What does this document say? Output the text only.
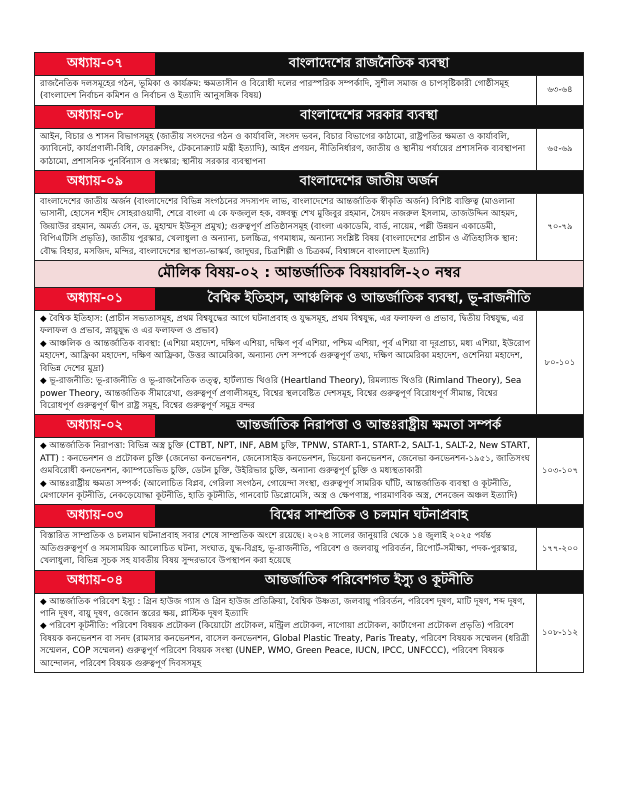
অধ্যায়-০৭	বাংলাদেশের রাজনৈতিক ব্যবস্থা
রাজনৈতিক দলসমূহের গঠন, ভূমিকা ও কার্যক্রম: ক্ষমতাসীন ও বিরোধী দলের পারস্পরিক সম্পর্কাদি, সুশীল সমাজ ও চাপসৃষ্টিকারী গোষ্ঠীসমূহ (বাংলাদেশ নির্বাচন কমিশন ও নির্বাচন ও ইত্যাদি আনুসঙ্গিক বিষয়)
৬৩-৬৪
অধ্যায়-০৮	বাংলাদেশের সরকার ব্যবস্থা
আইন, বিচার ও শাসন বিভাগসমূহ (জাতীয় সংসদের গঠন ও কার্যাবলি, সংসদ ভবন, বিচার বিভাগের কাঠামো, রাষ্ট্রপতির ক্ষমতা ও কার্যাবলি, ক্যাবিনেট, কার্যপ্রণালী-বিধি, ফোরক্রসিং, টেকনোক্র্যাট মন্ত্রী ইত্যাদি), আইন প্রণয়ন, নীতিনির্ধারণ, জাতীয় ও স্থানীয় পর্যায়ের প্রশাসনিক ব্যবস্থাপনা কাঠামো, প্রশাসনিক পুনর্বিন্যাস ও সংস্কার; স্থানীয় সরকার ব্যবস্থাপনা
৬৫-৬৯
অধ্যায়-০৯	বাংলাদেশের জাতীয় অর্জন
বাংলাদেশের জাতীয় অর্জন (বাংলাদেশের বিভিন্ন সংগঠনের সদস্যপদ লাভ, বাংলাদেশের আন্তর্জাতিক স্বীকৃতি অর্জন) বিশিষ্ট ব্যক্তিত্ব (মাওলানা ভাসানী, হোসেন শহীদ সোহরাওয়ার্দী, শেরে বাংলা এ কে ফজলুল হক, বঙ্গবন্ধু শেখ মুজিবুর রহমান, সৈয়দ নজরুল ইসলাম, তাজউদ্দিন আহমদ, জিয়াউর রহমান, অমর্ত্য সেন, ড. মুহাম্মদ ইউনূস প্রমুখ); গুরুত্বপূর্ণ প্রতিষ্ঠানসমূহ (বাংলা একাডেমি, বার্ড, নায়েম, পল্লী উন্নয়ন একাডেমী, বিপিএটিসি প্রভৃতি), জাতীয় পুরস্কার, খেলাধুলা ও অন্যান্য, চলচ্চিত্র, গণমাধ্যম, অন্যান্য সংশ্লিষ্ট বিষয় (বাংলাদেশের প্রাচীন ও ঐতিহাসিক স্থান: বৌদ্ধ বিহার, মসজিদ, মন্দির, বাংলাদেশের স্থাপত্য-ভাস্কর্য, জাদুঘর, চিত্রশিল্পী ও চিত্রকর্ম, বিশ্বাঙ্গনে বাংলাদেশ ইত্যাদি)
৭০-৭৯
মৌলিক বিষয়-০২ : আন্তর্জাতিক বিষয়াবলি-২০ নম্বর
অধ্যায়-০১	বৈশ্বিক ইতিহাস, আঞ্চলিক ও আন্তর্জাতিক ব্যবস্থা, ভূ-রাজনীতি
◆ বৈশ্বিক ইতিহাস: (প্রাচীন সভ্যতাসমূহ, প্রথম বিশ্বযুদ্ধের আগে ঘটনাপ্রবাহ ও যুদ্ধসমূহ, প্রথম বিশ্বযুদ্ধ, এর ফলাফল ও প্রভাব, দ্বিতীয় বিশ্বযুদ্ধ, এর ফলাফল ও প্রভাব, স্নায়ুযুদ্ধ ও এর ফলাফল ও প্রভাব)
◆ আঞ্চলিক ও আন্তর্জাতিক ব্যবস্থা: (এশিয়া মহাদেশ, দক্ষিণ এশিয়া, দক্ষিণ পূর্ব এশিয়া, পশ্চিম এশিয়া, পূর্ব এশিয়া বা দূরপ্রাচ্য, মধ্য এশিয়া, ইউরোপ মহাদেশ, আফ্রিকা মহাদেশ, দক্ষিণ আফ্রিকা, উত্তর আমেরিকা, অন্যান্য দেশ সম্পর্কে গুরুত্বপূর্ণ তথ্য, দক্ষিণ আমেরিকা মহাদেশ, ওশেনিয়া মহাদেশ, বিভিন্ন দেশের মুদ্রা)
◆ ভূ-রাজনীতি: ভূ-রাজনীতি ও ভূ-রাজনৈতিক তত্ত্ব, হার্টল্যান্ড থিওরি (Heartland Theory), রিমল্যান্ড থিওরি (Rimland Theory), Sea power Theory, আন্তর্জাতিক সীমারেখা, গুরুত্বপূর্ণ প্রণালীসমূহ, বিশ্বের স্থলবেষ্টিত দেশসমূহ, বিশ্বের গুরুত্বপূর্ণ বিরোধপূর্ণ সীমান্ত, বিশ্বের বিরোধপূর্ণ গুরুত্বপূর্ণ দ্বীপ রাষ্ট্র সমূহ, বিশ্বের গুরুত্বপূর্ণ সমুদ্র বন্দর
৮০-১০১
অধ্যায়-০২	আন্তর্জাতিক নিরাপত্তা ও আন্তঃরাষ্ট্রীয় ক্ষমতা সম্পর্ক
◆ আন্তর্জাতিক নিরাপত্তা: বিভিন্ন অস্ত্র চুক্তি (CTBT, NPT, INF, ABM চুক্তি, TPNW, START-1, START-2, SALT-1, SALT-2, New START, ATT) : কনভেনশন ও প্রটোকল চুক্তি (জেনেভা কনভেনশন, জেনোসাইড কনভেনশন, ভিয়েনা কনভেনশন, জেনেভা কনভেনশন-১৯৫১, জাতিসংঘ গুমবিরোধী কনভেনশন, ক্যাম্পডেভিড চুক্তি, ডেটন চুক্তি, উইরিভার চুক্তি, অন্যান্য গুরুত্বপূর্ণ চুক্তি ও মধ্যস্থতাকারী
◆ আন্তঃরাষ্ট্রীয় ক্ষমতা সম্পর্ক: (আলোচিত বিপ্লব, গেরিলা সংগঠন, গোয়েন্দা সংস্থা, গুরুত্বপূর্ণ সামরিক ঘাঁটি, আন্তর্জাতিক ব্যবস্থা ও কূটনীতি, মেগাফোন কূটনীতি, নেকড়েযোদ্ধা কূটনীতি, হাতি কূটনীতি, গানবোট ডিপ্লোমেসি, অস্ত্র ও ক্ষেপণাস্ত্র, পারমাণবিক অস্ত্র, শেনজেন অঞ্চল ইত্যাদি)
১০৩-১০৭
অধ্যায়-০৩	বিশ্বের সাম্প্রতিক ও চলমান ঘটনাপ্রবাহ
বিস্তারিত সাম্প্রতিক ও চলমান ঘটনাপ্রবাহ সবার শেষে সাম্প্রতিক অংশে রয়েছে। ২০২৪ সালের জানুয়ারি থেকে ১৪ জুলাই ২০২৫ পর্যন্ত অতিগুরুত্বপূর্ণ ও সমসাময়িক আলোচিত ঘটনা, সংঘাত, যুদ্ধ-বিগ্রহ, ভূ-রাজনীতি, পরিবেশ ও জলবায়ু পরিবর্তন, রিপোর্ট-সমীক্ষা, পদক-পুরস্কার, খেলাধুলা, বিভিন্ন সূচক সহ যাবতীয় বিষয় সুন্দরভাবে উপস্থাপন করা হয়েছে
১৭৭-২০০
অধ্যায়-০৪	আন্তর্জাতিক পরিবেশগত ইস্যু ও কূটনীতি
◆ আন্তর্জাতিক পরিবেশ ইস্যু : গ্রিন হাউজ গ্যাস ও গ্রিন হাউজ প্রতিক্রিয়া, বৈশ্বিক উষ্ণতা, জলবায়ু পরিবর্তন, পরিবেশ দূষণ, মাটি দূষণ, শব্দ দূষণ, পানি দূষণ, বায়ু দূষণ, ওজোন স্তরের ক্ষয়, প্লাস্টিক দূষণ ইত্যাদি
◆ পরিবেশ কূটনীতি: পরিবেশ বিষয়ক প্রটোকল (কিয়োটো প্রটোকল, মন্ট্রিল প্রটোকল, নাগোয়া প্রটোকল, কার্টাগেনা প্রটোকল প্রভৃতি) পরিবেশ বিষয়ক কনভেনশন বা সনদ (রামসার কনভেনশন, বাসেল কনভেনশন, Global Plastic Treaty, Paris Treaty, পরিবেশ বিষয়ক সম্মেলন (ধরিত্রী সম্মেলন, COP সম্মেলন) গুরুত্বপূর্ণ পরিবেশ বিষয়ক সংস্থা (UNEP, WMO, Green Peace, IUCN, IPCC, UNFCCC), পরিবেশ বিষয়ক আন্দোলন, পরিবেশ বিষয়ক গুরুত্বপূর্ণ দিবসসমূহ
১০৮-১১২
